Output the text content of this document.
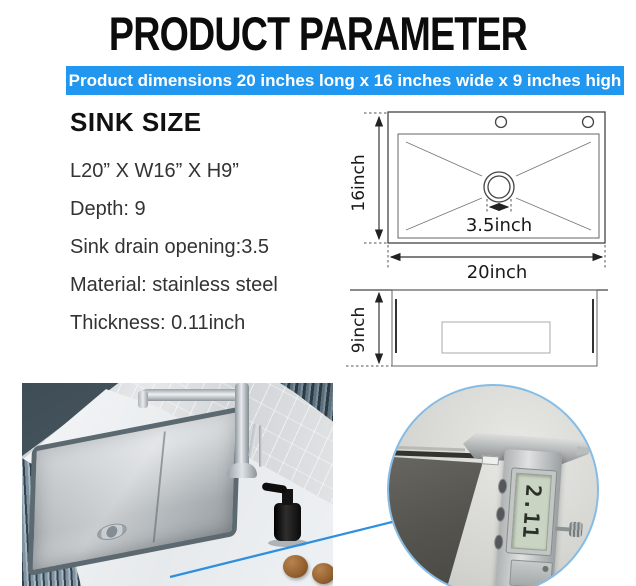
PRODUCT PARAMETER
Product dimensions 20 inches long x 16 inches wide x 9 inches high
SINK SIZE

L20” X W16” X H9”

Depth: 9

Sink drain opening:3.5

Material: stainless steel

Thickness: 0.11inch

16inch
3.5inch
20inch
9inch
2.11
